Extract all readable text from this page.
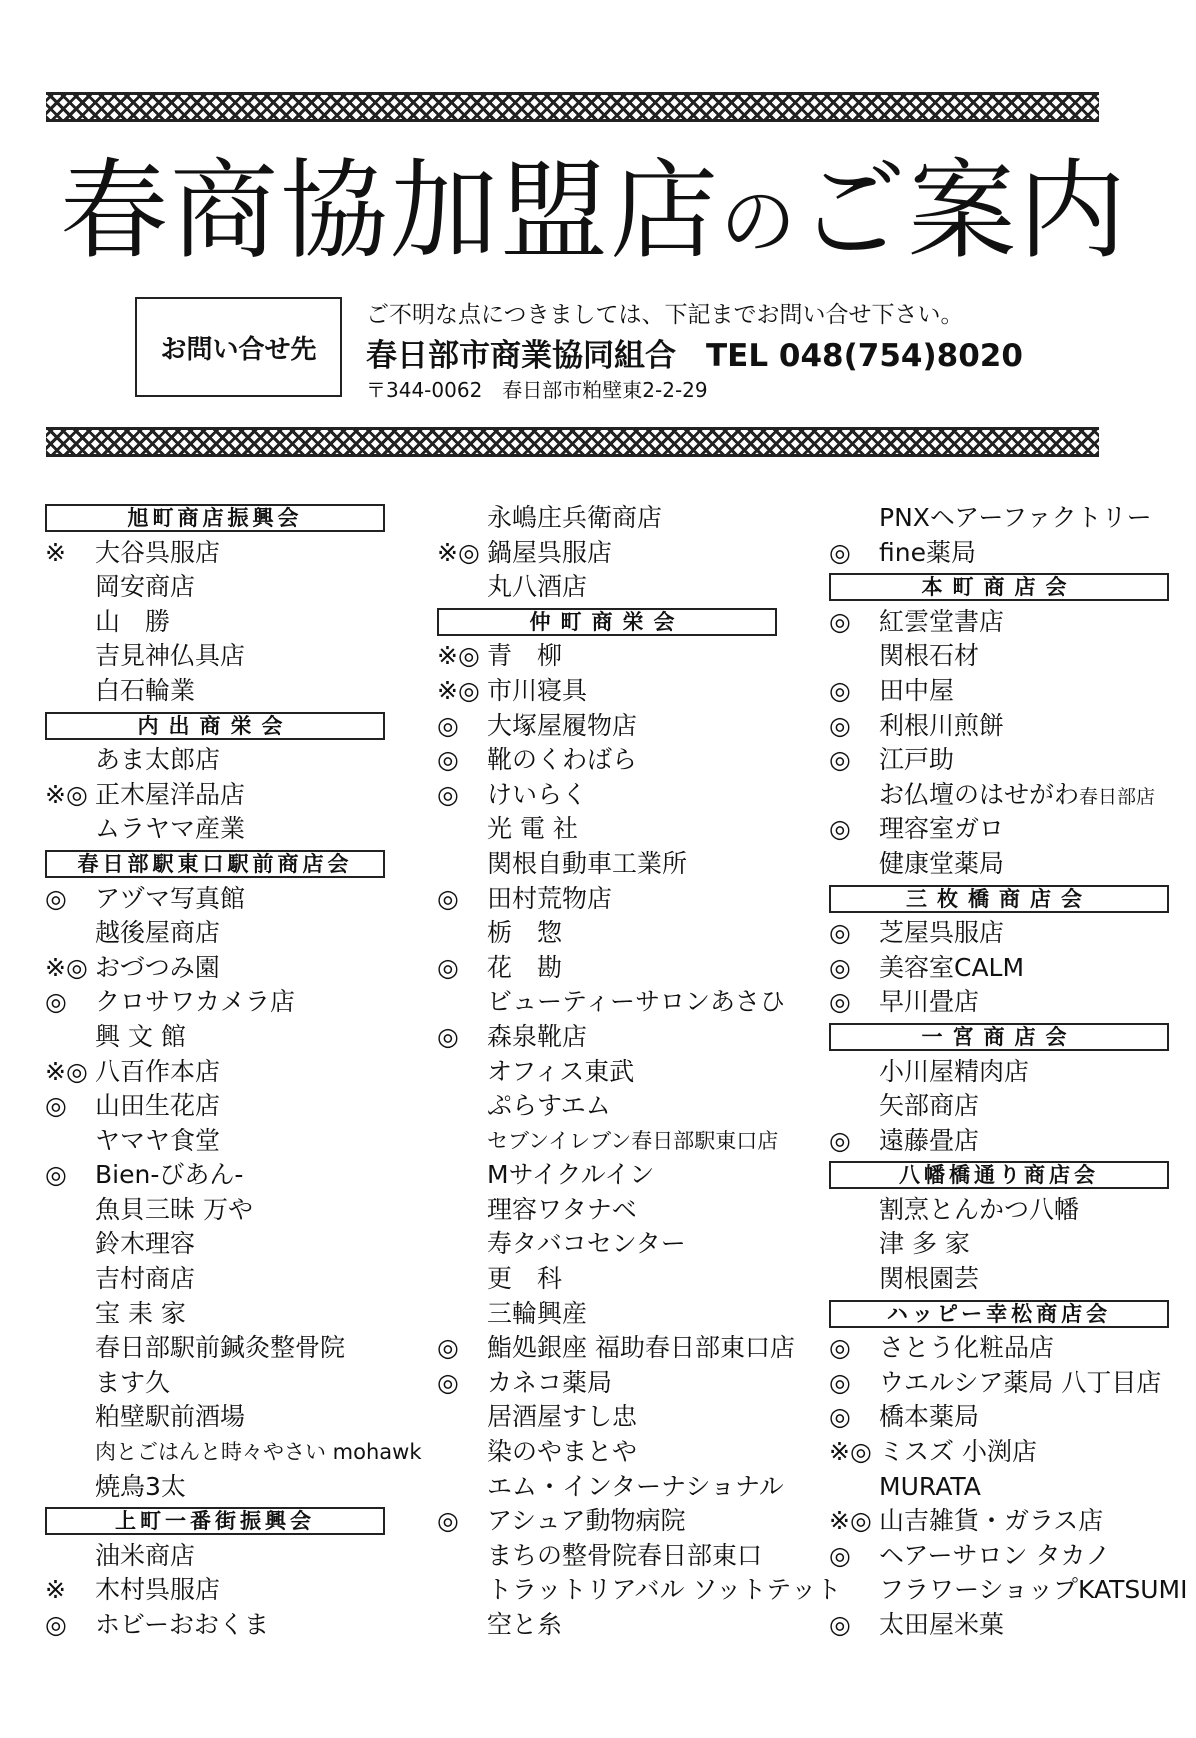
春商協加盟店のご案内
お問い合せ先
ご不明な点につきましては、下記までお問い合せ下さい。
春日部市商業協同組合 TEL 048(754)8020
〒344-0062　春日部市粕壁東2-2-29
旭町商店振興会
※	大谷呉服店
岡安商店
山　勝
吉見神仏具店
白石輪業
内出商栄会
あま太郎店
※◎ 正木屋洋品店
ムラヤマ産業
春日部駅東口駅前商店会
◎	アヅマ写真館
越後屋商店
※◎ おづつみ園
◎	クロサワカメラ店
興 文 館
※◎ 八百作本店
◎	山田生花店
ヤマヤ食堂
◎	Bien-びあん-
魚貝三昧 万や
鈴木理容
吉村商店
宝 耒 家
春日部駅前鍼灸整骨院
ます久
粕壁駅前酒場
肉とごはんと時々やさい mohawk
焼鳥3太
上町一番街振興会
油米商店
※	木村呉服店
◎	ホビーおおくま
永嶋庄兵衛商店
※◎ 鍋屋呉服店
丸八酒店
仲町商栄会
※◎ 青　柳
※◎ 市川寝具
◎	大塚屋履物店
◎	靴のくわばら
◎	けいらく
光 電 社
関根自動車工業所
◎	田村荒物店
栃　惣
◎	花　勘
ビューティーサロンあさひ
◎	森泉靴店
オフィス東武
ぷらすエム
セブンイレブン春日部駅東口店
Mサイクルイン
理容ワタナベ
寿タバコセンター
更　科
三輪興産
◎	鮨処銀座 福助春日部東口店
◎	カネコ薬局
居酒屋すし忠
染のやまとや
エム・インターナショナル
◎	アシュア動物病院
まちの整骨院春日部東口
トラットリアバル ソットテット
空と糸
PNXヘアーファクトリー
◎	fine薬局
本町商店会
◎	紅雲堂書店
関根石材
◎	田中屋
◎	利根川煎餅
◎	江戸助
お仏壇のはせがわ春日部店
◎	理容室ガロ
健康堂薬局
三枚橋商店会
◎	芝屋呉服店
◎	美容室CALM
◎	早川畳店
一宮商店会
小川屋精肉店
矢部商店
◎	遠藤畳店
八幡橋通り商店会
割烹とんかつ八幡
津 多 家
関根園芸
ハッピー幸松商店会
◎	さとう化粧品店
◎	ウエルシア薬局 八丁目店
◎	橋本薬局
※◎ ミスズ 小渕店
MURATA
※◎ 山吉雑貨・ガラス店
◎	ヘアーサロン タカノ
フラワーショップKATSUMI
◎	太田屋米菓
